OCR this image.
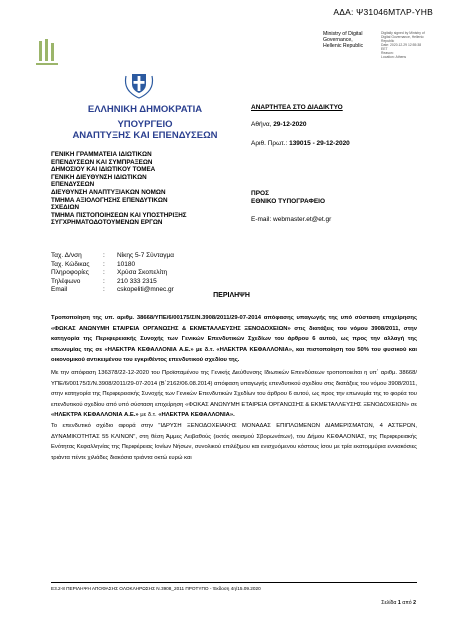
ΑΔΑ: Ψ31046ΜΤΛΡ-ΥΗΒ
Ministry of Digital
Governance,
Hellenic Republic
Digitally signed by Ministry of
Digital Governance, Hellenic
Republic
Date: 2020.12.29 12:55:38
EET
Reason:
Location: Athens
ΕΛΛΗΝΙΚΗ ΔΗΜΟΚΡΑΤΙΑ
ΥΠΟΥΡΓΕΙΟ
ΑΝΑΠΤΥΞΗΣ ΚΑΙ ΕΠΕΝΔΥΣΕΩΝ
ΓΕΝΙΚΗ ΓΡΑΜΜΑΤΕΙΑ ΙΔΙΩΤΙΚΩΝ
ΕΠΕΝΔΥΣΕΩΝ ΚΑΙ ΣΥΜΠΡΑΞΕΩΝ
ΔΗΜΟΣΙΟΥ ΚΑΙ ΙΔΙΩΤΙΚΟΥ ΤΟΜΕΑ
ΓΕΝΙΚΗ ΔΙΕΥΘΥΝΣΗ ΙΔΙΩΤΙΚΩΝ
ΕΠΕΝΔΥΣΕΩΝ
ΔΙΕΥΘΥΝΣΗ ΑΝΑΠΤΥΞΙΑΚΩΝ ΝΟΜΩΝ
ΤΜΗΜΑ ΑΞΙΟΛΟΓΗΣΗΣ ΕΠΕΝΔΥΤΙΚΩΝ
ΣΧΕΔΙΩΝ
ΤΜΗΜΑ ΠΙΣΤΟΠΟΙΗΣΕΩΝ ΚΑΙ ΥΠΟΣΤΗΡΙΞΗΣ
ΣΥΓΧΡΗΜΑΤΟΔΟΤΟΥΜΕΝΩΝ ΕΡΓΩΝ
ΑΝΑΡΤΗΤΕΑ ΣΤΟ ΔΙΑΔΙΚΤΥΟ
Αθήνα, 29-12-2020
Αριθ. Πρωτ.: 139015 - 29-12-2020
ΠΡΟΣ
ΕΘΝΙΚΟ ΤΥΠΟΓΡΑΦΕΙΟ
E-mail: webmaster.et@et.gr
Ταχ. Δ/νση	:	Νίκης 5-7 Σύνταγμα
Ταχ. Κώδικας	:	10180
Πληροφορίες	:	Χρύσα Σκοπελίτη
Τηλέφωνο	:	210 333 2315
Email	:	cskopeliti@mnec.gr
ΠΕΡΙΛΗΨΗ
Τροποποίηση της υπ. αριθμ. 38668/ΥΠΕ/6/00175/Σ/Ν.3908/2011/29-07-2014 απόφασης υπαγωγής της υπό σύσταση επιχείρησης «ΦΩΚΑΣ ΑΝΩΝΥΜΗ ΕΤΑΙΡΕΙΑ ΟΡΓΑΝΩΣΗΣ & ΕΚΜΕΤΑΛΛΕΥΣΗΣ ΞΕΝΟΔΟΧΕΙΩΝ» στις διατάξεις του νόμου 3908/2011, στην κατηγορία της Περιφερειακής Συνοχής των Γενικών Επενδυτικών Σχεδίων του άρθρου 6 αυτού, ως προς την αλλαγή της επωνυμίας της σε «ΗΛΕΚΤΡΑ ΚΕΦΑΛΛΟΝΙΑ Α.Ε.» με δ.τ. «ΗΛΕΚΤΡΑ ΚΕΦΑΛΛΟΝΙΑ», και πιστοποίηση του 50% του φυσικού και οικονομικού αντικειμένου του εγκριθέντος επενδυτικού σχεδίου της.
Με την απόφαση 136378/22-12-2020 του Προϊσταμένου της Γενικής Διεύθυνσης Ιδιωτικών Επενδύσεων τροποποιείται η υπ΄ αριθμ. 38668/ΥΠΕ/6/00175/Σ/Ν.3908/2011/29-07-2014 (Β΄2162/06.08.2014) απόφαση υπαγωγής επενδυτικού σχεδίου στις διατάξεις του νόμου 3908/2011, στην κατηγορία της Περιφερειακής Συνοχής των Γενικών Επενδυτικών Σχεδίων του άρθρου 6 αυτού, ως προς την επωνυμία της το φορέα του επενδυτικού σχεδίου από υπό σύσταση επιχείρηση «ΦΩΚΑΣ ΑΝΩΝΥΜΗ ΕΤΑΙΡΕΙΑ ΟΡΓΑΝΩΣΗΣ & ΕΚΜΕΤΑΛΛΕΥΣΗΣ ΞΕΝΟΔΟΧΕΙΩΝ» σε «ΗΛΕΚΤΡΑ ΚΕΦΑΛΛΟΝΙΑ Α.Ε.» με δ.τ. «ΗΛΕΚΤΡΑ ΚΕΦΑΛΛΟΝΙΑ».
Το επενδυτικό σχέδιο αφορά στην "ΙΔΡΥΣΗ ΞΕΝΟΔΟΧΕΙΑΚΗΣ ΜΟΝΑΔΑΣ ΕΠΙΠΛΩΜΕΝΩΝ ΔΙΑΜΕΡΙΣΜΑΤΩΝ, 4 ΑΣΤΕΡΩΝ, ΔΥΝΑΜΙΚΟΤΗΤΑΣ 55 ΚΛΙΝΩΝ", στη θέση Άμμες Λειβαθούς (εκτός οικισμού Σβορωνάτων), του Δήμου ΚΕΦΑΛΟΝΙΑΣ, της Περιφερειακής Ενότητας Κεφαλληνίας της Περιφέρειας Ιονίων Νήσων, συνολικού επιλέξιμου και ενισχυόμενου κόστους ίσου με τρία εκατομμύρια εννιακόσιες τριάντα πέντε χιλιάδες διακόσια τριάντα οκτώ ευρώ και
Ε3.2-8 ΠΕΡΙΛΗΨΗ ΑΠΟΦΑΣΗΣ ΟΛΟΚΛΗΡΩΣΗΣ Ν.3908_2011 ΠΡΟΤΥΠΟ - Έκδοση 4η/15.09.2020
Σελίδα 1 από 2
